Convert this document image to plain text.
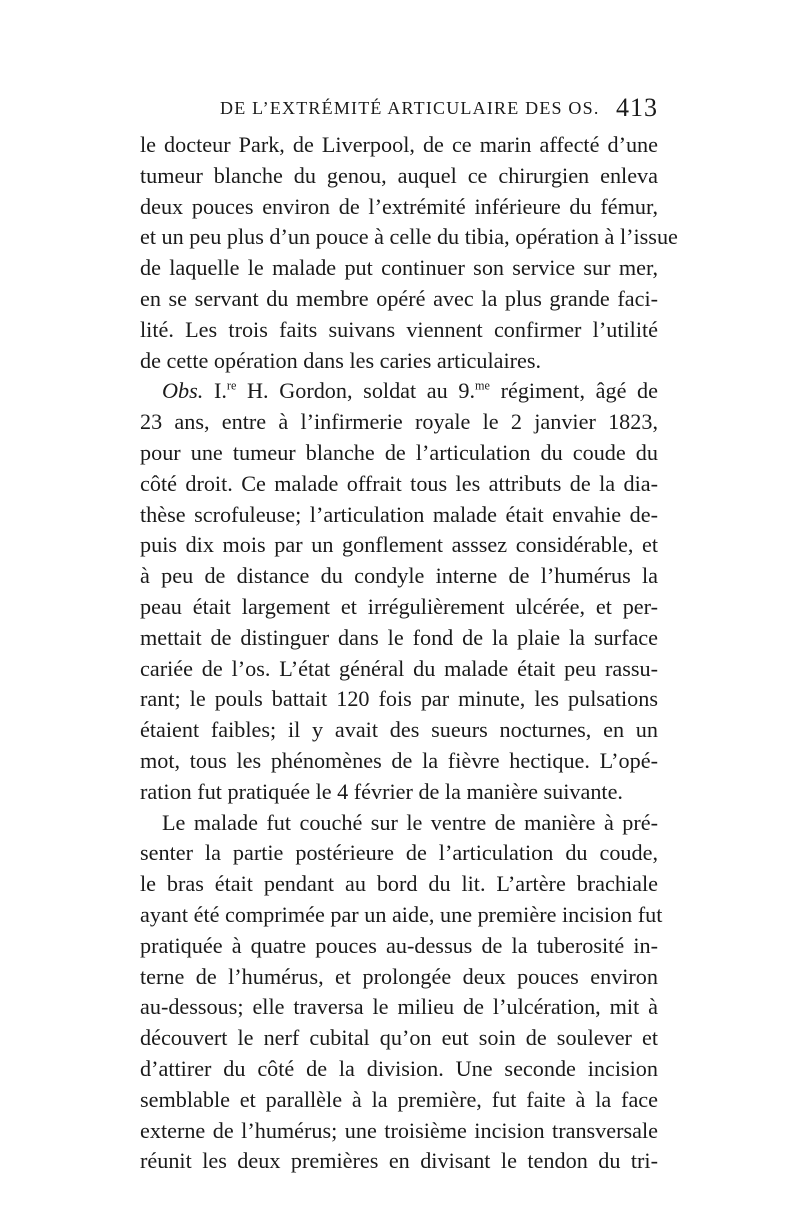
DE L’EXTRÉMITÉ ARTICULAIRE DES OS. 413
le docteur Park, de Liverpool, de ce marin affecté d’une
tumeur blanche du genou, auquel ce chirurgien enleva
deux pouces environ de l’extrémité inférieure du fémur,
et un peu plus d’un pouce à celle du tibia, opération à l’issue
de laquelle le malade put continuer son service sur mer,
en se servant du membre opéré avec la plus grande faci-
lité. Les trois faits suivans viennent confirmer l’utilité
de cette opération dans les caries articulaires.
Obs. I.$^{re}$ H. Gordon, soldat au 9.$^{me}$ régiment, âgé de
23 ans, entre à l’infirmerie royale le 2 janvier 1823,
pour une tumeur blanche de l’articulation du coude du
côté droit. Ce malade offrait tous les attributs de la dia-
thèse scrofuleuse; l’articulation malade était envahie de-
puis dix mois par un gonflement asssez considérable, et
à peu de distance du condyle interne de l’humérus la
peau était largement et irrégulièrement ulcérée, et per-
mettait de distinguer dans le fond de la plaie la surface
cariée de l’os. L’état général du malade était peu rassu-
rant; le pouls battait 120 fois par minute, les pulsations
étaient faibles; il y avait des sueurs nocturnes, en un
mot, tous les phénomènes de la fièvre hectique. L’opé-
ration fut pratiquée le 4 février de la manière suivante.
Le malade fut couché sur le ventre de manière à pré-
senter la partie postérieure de l’articulation du coude,
le bras était pendant au bord du lit. L’artère brachiale
ayant été comprimée par un aide, une première incision fut
pratiquée à quatre pouces au-dessus de la tuberosité in-
terne de l’humérus, et prolongée deux pouces environ
au-dessous; elle traversa le milieu de l’ulcération, mit à
découvert le nerf cubital qu’on eut soin de soulever et
d’attirer du côté de la division. Une seconde incision
semblable et parallèle à la première, fut faite à la face
externe de l’humérus; une troisième incision transversale
réunit les deux premières en divisant le tendon du tri-
